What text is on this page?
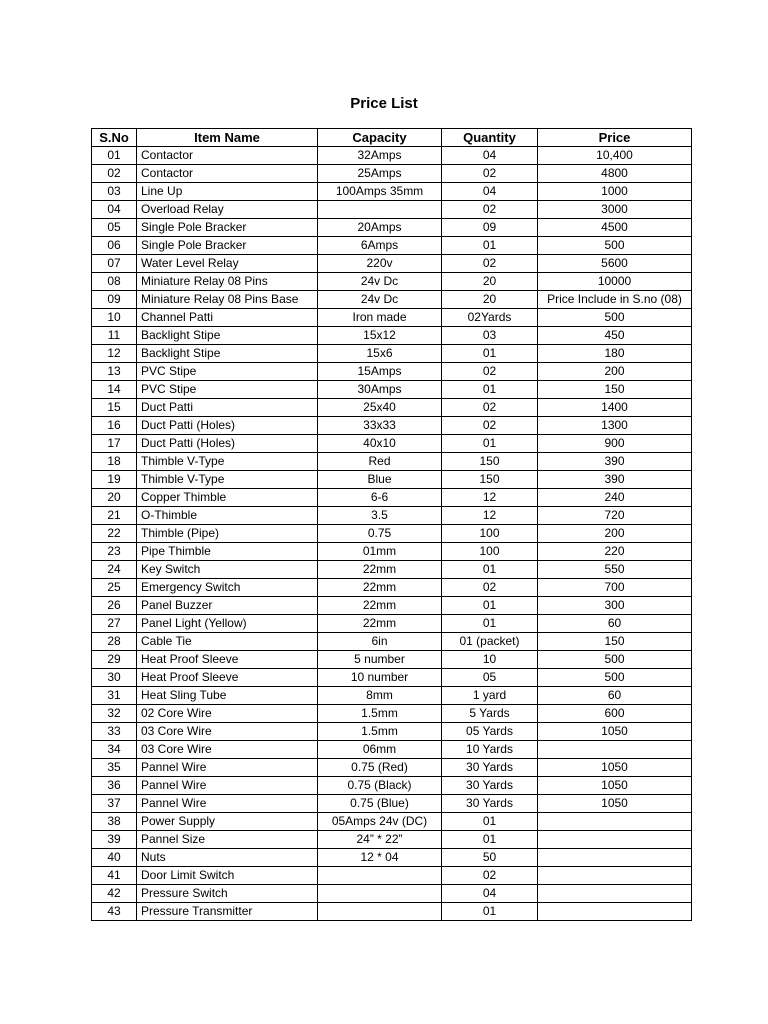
Price List
S.No	Item Name	Capacity	Quantity	Price
01	Contactor	32Amps	04	10,400
02	Contactor	25Amps	02	4800
03	Line Up	100Amps 35mm	04	1000
04	Overload Relay		02	3000
05	Single Pole Bracker	20Amps	09	4500
06	Single Pole Bracker	6Amps	01	500
07	Water Level Relay	220v	02	5600
08	Miniature Relay 08 Pins	24v Dc	20	10000
09	Miniature Relay 08 Pins Base	24v Dc	20	Price Include in S.no (08)
10	Channel Patti	Iron made	02Yards	500
11	Backlight Stipe	15x12	03	450
12	Backlight Stipe	15x6	01	180
13	PVC Stipe	15Amps	02	200
14	PVC Stipe	30Amps	01	150
15	Duct Patti	25x40	02	1400
16	Duct Patti (Holes)	33x33	02	1300
17	Duct Patti (Holes)	40x10	01	900
18	Thimble V-Type	Red	150	390
19	Thimble V-Type	Blue	150	390
20	Copper Thimble	6-6	12	240
21	O-Thimble	3.5	12	720
22	Thimble (Pipe)	0.75	100	200
23	Pipe Thimble	01mm	100	220
24	Key Switch	22mm	01	550
25	Emergency Switch	22mm	02	700
26	Panel Buzzer	22mm	01	300
27	Panel Light (Yellow)	22mm	01	60
28	Cable Tie	6in	01 (packet)	150
29	Heat Proof Sleeve	5 number	10	500
30	Heat Proof Sleeve	10 number	05	500
31	Heat Sling Tube	8mm	1 yard	60
32	02 Core Wire	1.5mm	5 Yards	600
33	03 Core Wire	1.5mm	05 Yards	1050
34	03 Core Wire	06mm	10 Yards	
35	Pannel Wire	0.75 (Red)	30 Yards	1050
36	Pannel Wire	0.75 (Black)	30 Yards	1050
37	Pannel Wire	0.75 (Blue)	30 Yards	1050
38	Power Supply	05Amps 24v (DC)	01	
39	Pannel Size	24” * 22”	01	
40	Nuts	12 * 04	50	
41	Door Limit Switch		02	
42	Pressure Switch		04	
43	Pressure Transmitter		01	
